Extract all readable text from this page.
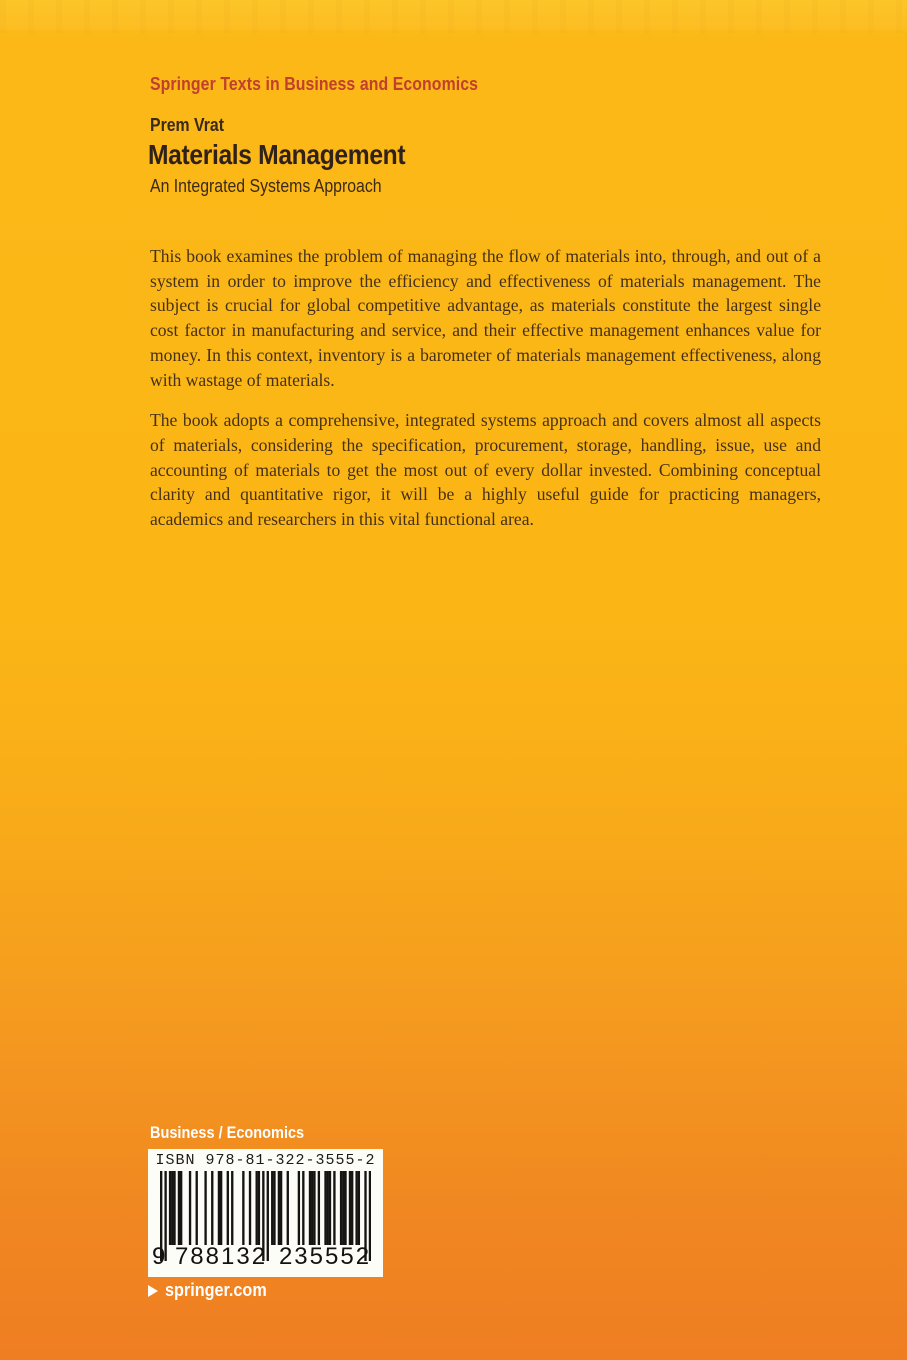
Springer Texts in Business and Economics
Prem Vrat
Materials Management
An Integrated Systems Approach

This book examines the problem of managing the flow of materials into, through, and out of a system in order to improve the efficiency and effectiveness of materials management. The subject is crucial for global competitive advantage, as materials constitute the largest single cost factor in manufacturing and service, and their effective management enhances value for money. In this context, inventory is a barometer of materials management effectiveness, along with wastage of materials.

The book adopts a comprehensive, integrated systems approach and covers almost all aspects of materials, considering the specification, procurement, storage, handling, issue, use and accounting of materials to get the most out of every dollar invested. Combining conceptual clarity and quantitative rigor, it will be a highly useful guide for practicing managers, academics and researchers in this vital functional area.

Business / Economics
ISBN 978-81-322-3555-2
9 788132 235552
springer.com
